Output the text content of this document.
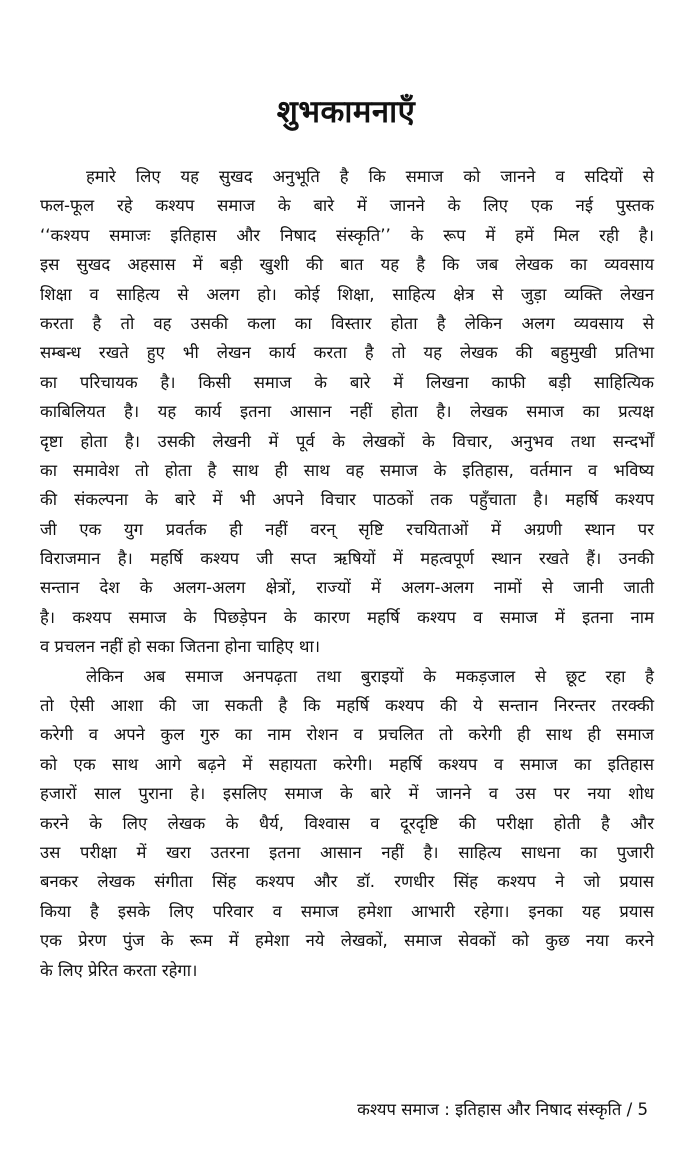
शुभकामनाएँ
हमारे लिए यह सुखद अनुभूति है कि समाज को जानने व सदियों से
फल-फूल रहे कश्यप समाज के बारे में जानने के लिए एक नई पुस्तक
‘‘कश्यप समाजः इतिहास और निषाद संस्कृति’’ के रूप में हमें मिल रही है।
इस सुखद अहसास में बड़ी खुशी की बात यह है कि जब लेखक का व्यवसाय
शिक्षा व साहित्य से अलग हो। कोई शिक्षा, साहित्य क्षेत्र से जुड़ा व्यक्ति लेखन
करता है तो वह उसकी कला का विस्तार होता है लेकिन अलग व्यवसाय से
सम्बन्ध रखते हुए भी लेखन कार्य करता है तो यह लेखक की बहुमुखी प्रतिभा
का परिचायक है। किसी समाज के बारे में लिखना काफी बड़ी साहित्यिक
काबिलियत है। यह कार्य इतना आसान नहीं होता है। लेखक समाज का प्रत्यक्ष
दृष्टा होता है। उसकी लेखनी में पूर्व के लेखकों के विचार, अनुभव तथा सन्दर्भों
का समावेश तो होता है साथ ही साथ वह समाज के इतिहास, वर्तमान व भविष्य
की संकल्पना के बारे में भी अपने विचार पाठकों तक पहुँचाता है। महर्षि कश्यप
जी एक युग प्रवर्तक ही नहीं वरन् सृष्टि रचयिताओं में अग्रणी स्थान पर
विराजमान है। महर्षि कश्यप जी सप्त ऋषियों में महत्वपूर्ण स्थान रखते हैं। उनकी
सन्तान देश के अलग-अलग क्षेत्रों, राज्यों में अलग-अलग नामों से जानी जाती
है। कश्यप समाज के पिछड़ेपन के कारण महर्षि कश्यप व समाज में इतना नाम
व प्रचलन नहीं हो सका जितना होना चाहिए था।
लेकिन अब समाज अनपढ़ता तथा बुराइयों के मकड़जाल से छूट रहा है
तो ऐसी आशा की जा सकती है कि महर्षि कश्यप की ये सन्तान निरन्तर तरक्की
करेगी व अपने कुल गुरु का नाम रोशन व प्रचलित तो करेगी ही साथ ही समाज
को एक साथ आगे बढ़ने में सहायता करेगी। महर्षि कश्यप व समाज का इतिहास
हजारों साल पुराना हे। इसलिए समाज के बारे में जानने व उस पर नया शोध
करने के लिए लेखक के धैर्य, विश्वास व दूरदृष्टि की परीक्षा होती है और
उस परीक्षा में खरा उतरना इतना आसान नहीं है। साहित्य साधना का पुजारी
बनकर लेखक संगीता सिंह कश्यप और डॉ. रणधीर सिंह कश्यप ने जो प्रयास
किया है इसके लिए परिवार व समाज हमेशा आभारी रहेगा। इनका यह प्रयास
एक प्रेरण पुंज के रूम में हमेशा नये लेखकों, समाज सेवकों को कुछ नया करने
के लिए प्रेरित करता रहेगा।
कश्यप समाज : इतिहास और निषाद संस्कृति / 5
